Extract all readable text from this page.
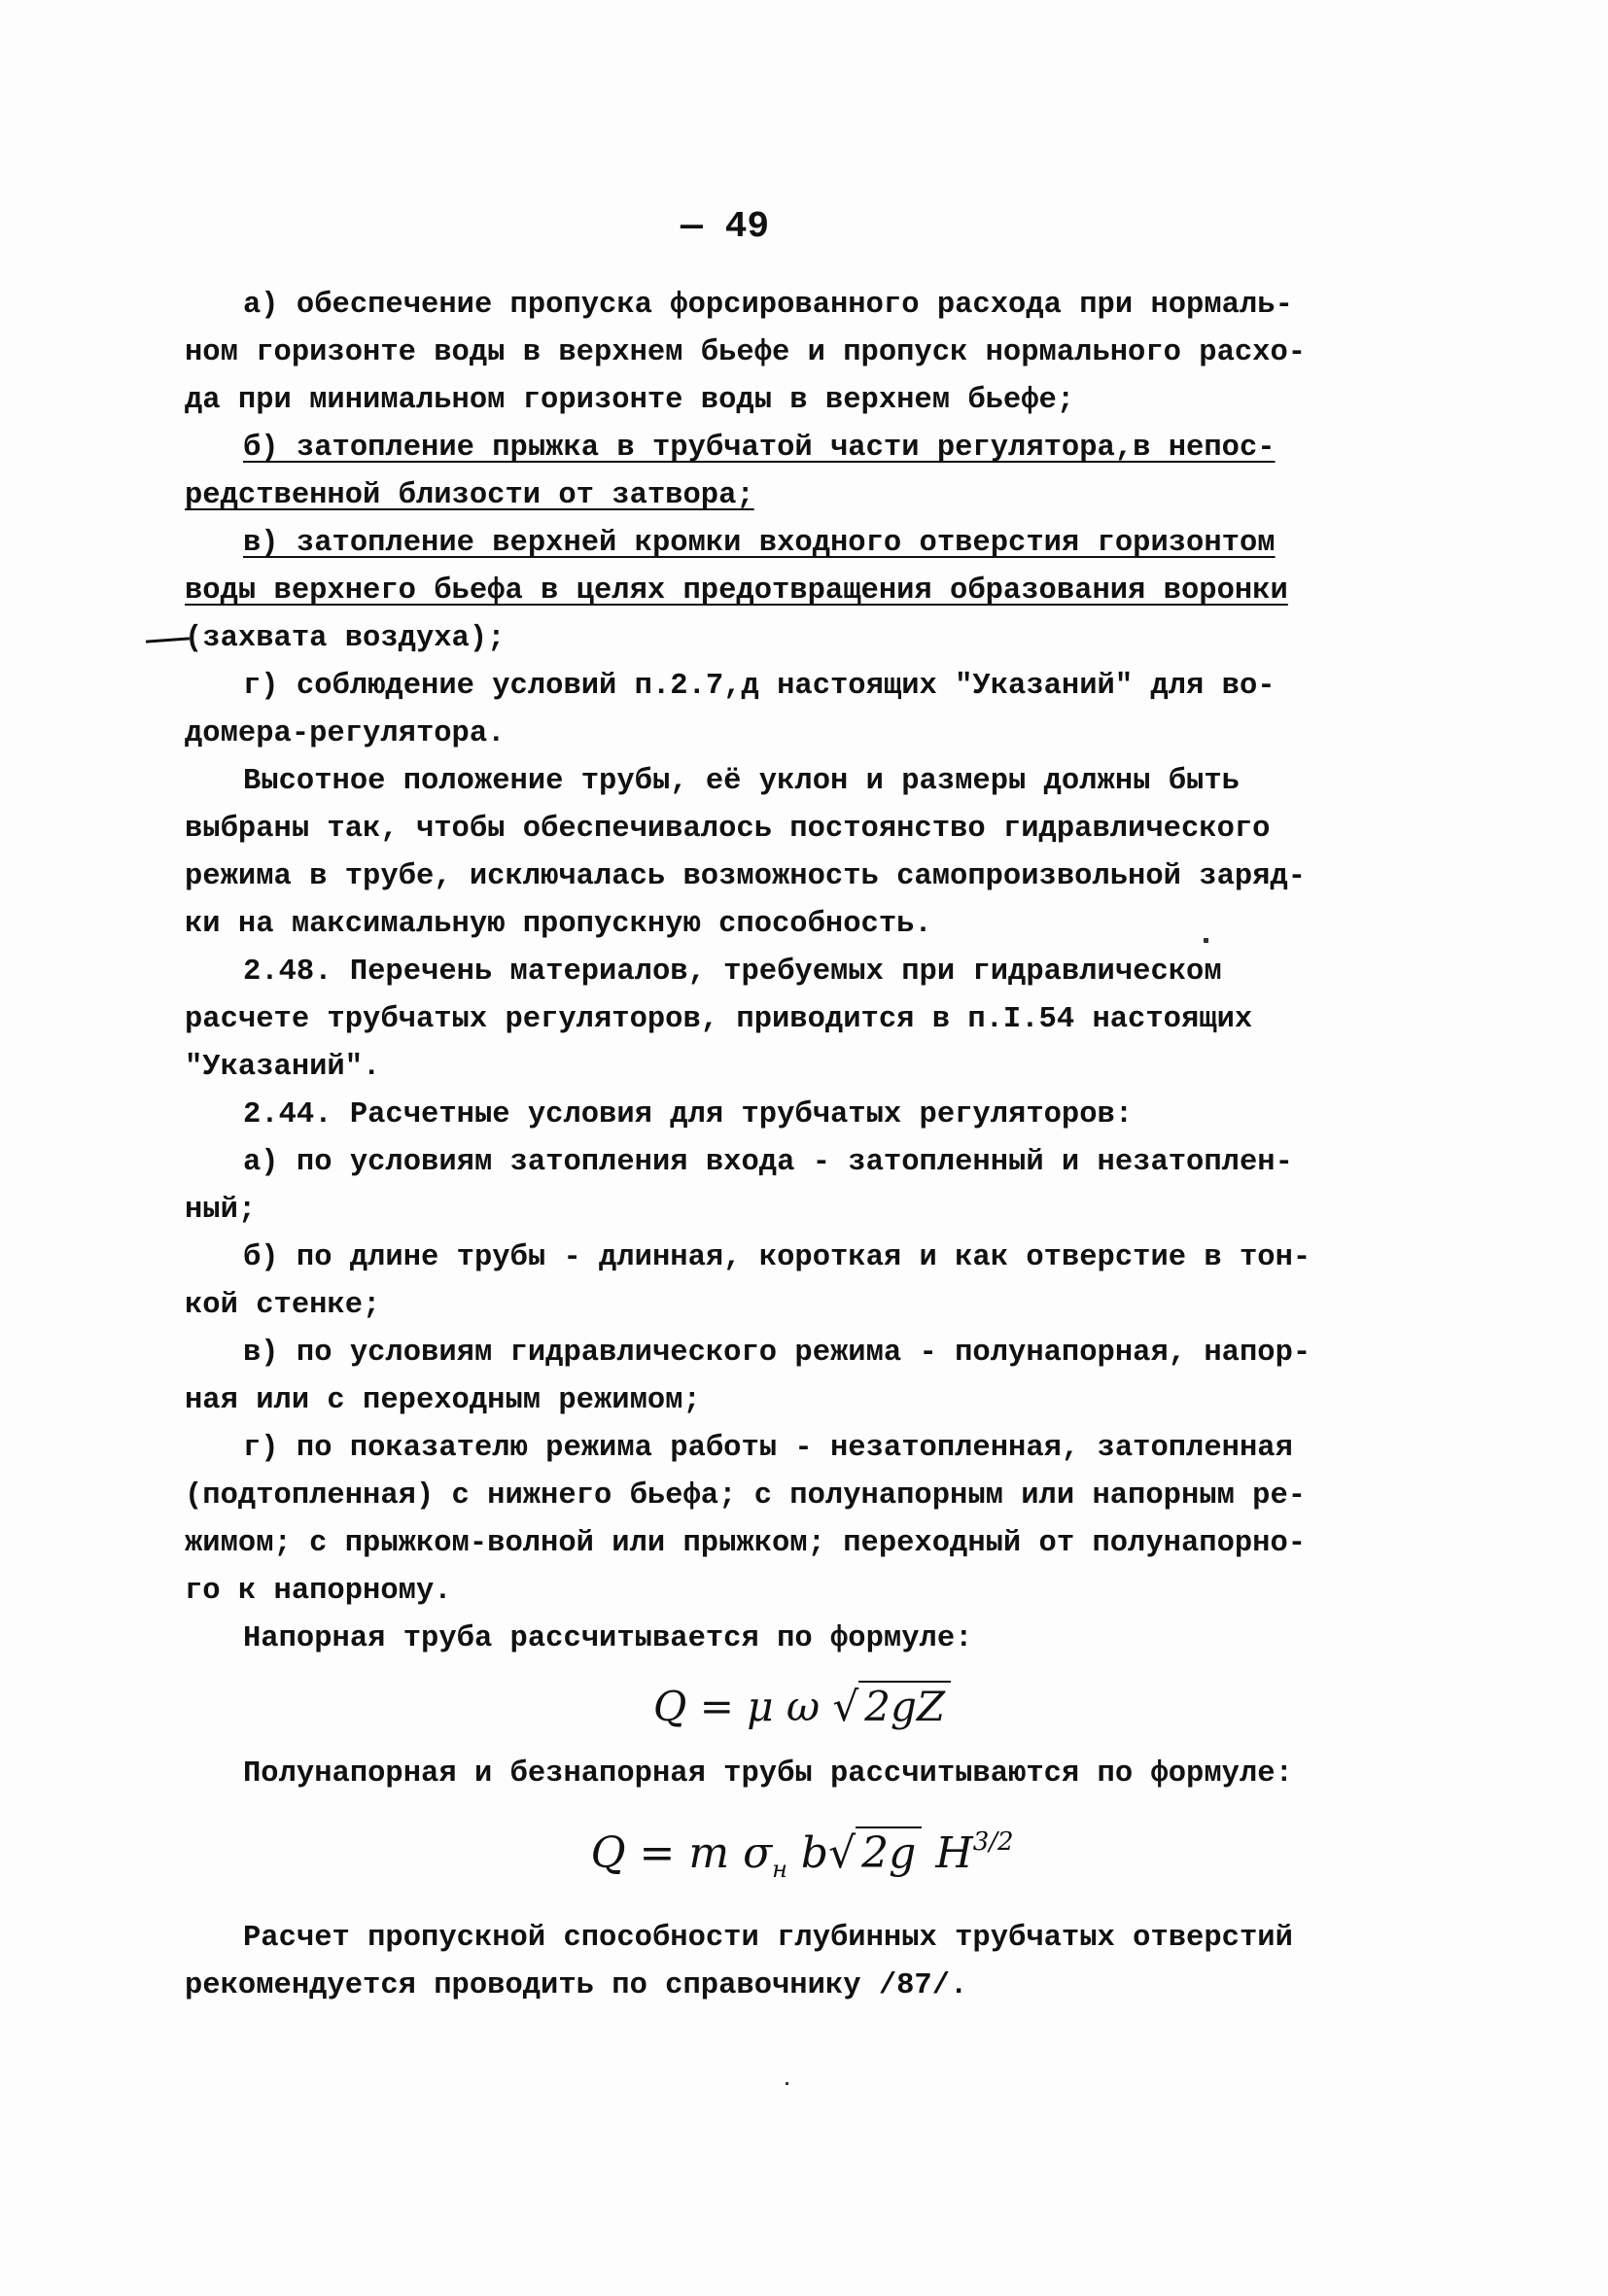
— 49
а) обеспечение пропуска форсированного расхода при нормаль-
ном горизонте воды в верхнем бьефе и пропуск нормального расхо-
да при минимальном горизонте воды в верхнем бьефе;
б) затопление прыжка в трубчатой части регулятора,в непос-
редственной близости от затвора;
в) затопление верхней кромки входного отверстия горизонтом
воды верхнего бьефа в целях предотвращения образования воронки
(захвата воздуха);
г) соблюдение условий п.2.7,д настоящих "Указаний" для во-
домера-регулятора.
Высотное положение трубы, её уклон и размеры должны быть
выбраны так, чтобы обеспечивалось постоянство гидравлического
режима в трубе, исключалась возможность самопроизвольной заряд-
ки на максимальную пропускную способность.
2.48. Перечень материалов, требуемых при гидравлическом
расчете трубчатых регуляторов, приводится в п.I.54 настоящих
"Указаний".
2.44. Расчетные условия для трубчатых регуляторов:
а) по условиям затопления входа - затопленный и незатоплен-
ный;
б) по длине трубы - длинная, короткая и как отверстие в тон-
кой стенке;
в) по условиям гидравлического режима - полунапорная, напор-
ная или с переходным режимом;
г) по показателю режима работы - незатопленная, затопленная
(подтопленная) с нижнего бьефа; с полунапорным или напорным ре-
жимом; с прыжком-волной или прыжком; переходный от полунапорно-
го к напорному.
Напорная труба рассчитывается по формуле:
Q = μ ω √ 2gZ
Полунапорная и безнапорная трубы рассчитываются по формуле:
Q = m $\sigma_н$ b√ 2g $H^{3/2}$
Расчет пропускной способности глубинных трубчатых отверстий
рекомендуется проводить по справочнику /87/.
